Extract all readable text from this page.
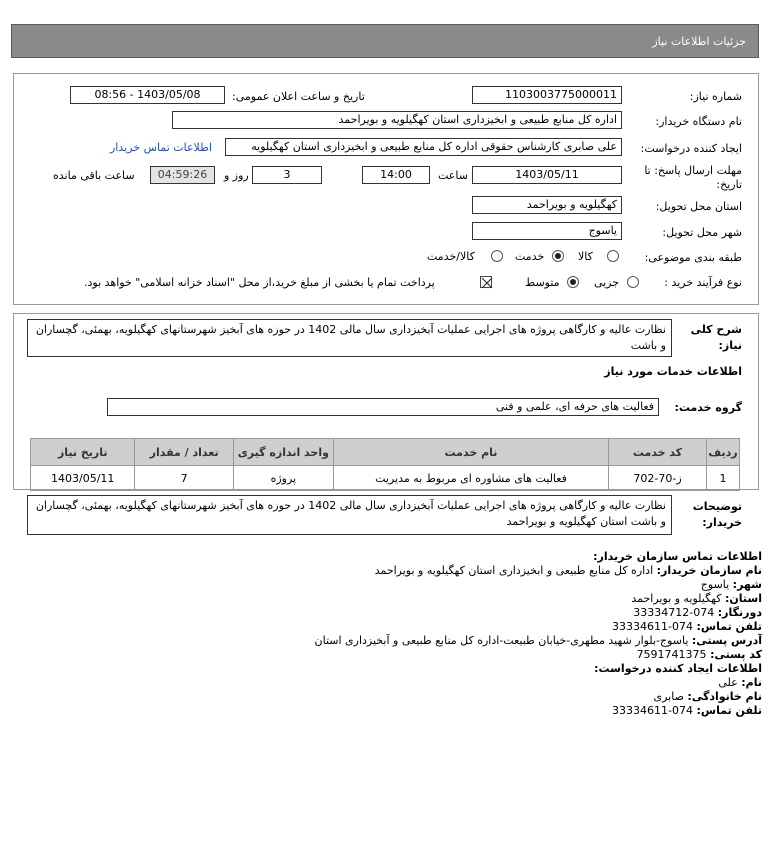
جزئیات اطلاعات نیاز
شماره نیاز:
1103003775000011
تاریخ و ساعت اعلان عمومی:
1403/05/08 - 08:56
نام دستگاه خریدار:
اداره کل منابع طبیعی و ابخیزداری استان کهگیلویه و بویراحمد
ایجاد کننده درخواست:
علی صابری کارشناس حقوقی اداره کل منابع طبیعی و ابخیزداری استان کهگیلویه
اطلاعات تماس خریدار
مهلت ارسال پاسخ: تا
تاریخ:
1403/05/11
ساعت
14:00
3
روز و
04:59:26
ساعت باقی مانده
استان محل تحویل:
کهگیلویه و بویراحمد
شهر محل تحویل:
یاسوج
طبقه بندی موضوعی:
کالا
خدمت
کالا/خدمت
نوع فرآیند خرید :
جزیی
متوسط
پرداخت تمام یا بخشی از مبلغ خرید،از محل "اسناد خزانه اسلامی" خواهد بود.
شرح کلی
نیاز:
نظارت عالیه و کارگاهی پروژه های اجرایی عملیات آبخیزداری سال مالی 1402 در حوزه های آبخیز شهرستانهای کهگیلویه، بهمئی، گچساران و باشت
اطلاعات خدمات مورد نیاز
گروه خدمت:
فعالیت های حرفه ای، علمی و فنی
ردیف	کد خدمت	نام خدمت	واحد اندازه گیری	تعداد / مقدار	تاریخ نیاز
1	ز-70-702	فعالیت های مشاوره ای مربوط به مدیریت	پروژه	7	1403/05/11
توضیحات
خریدار:
نظارت عالیه و کارگاهی پروژه های اجرایی عملیات آبخیزداری سال مالی 1402 در حوزه های آبخیز شهرستانهای کهگیلویه، بهمئی، گچساران و باشت استان کهگیلویه و بویراحمد
اطلاعات تماس سازمان خریدار:
نام سازمان خریدار: اداره کل منابع طبیعی و ابخیزداری استان کهگیلویه و بویراحمد
شهر: یاسوج
استان: کهگیلویه و بویراحمد
دورنگار: 074-33334712
تلفن تماس: 074-33334611
آدرس پستی: یاسوج-بلوار شهید مطهری-خیابان طبیعت-اداره کل منابع طبیعی و آبخیزداری استان
کد پستی: 7591741375
اطلاعات ایجاد کننده درخواست:
نام: علی
نام خانوادگی: صابری
تلفن تماس: 074-33334611
